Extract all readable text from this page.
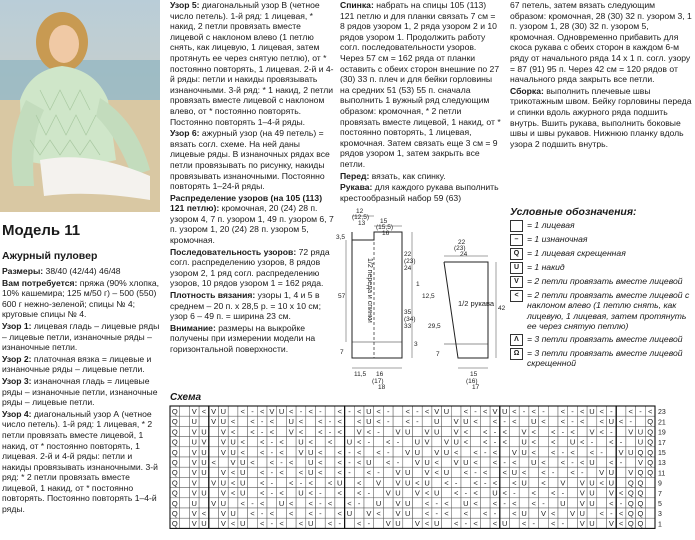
Модель 11
Ажурный пуловер

Размеры: 38/40 (42/44) 46/48

Вам потребуется: пряжа (90% хлопка, 10% кашемира; 125 м/50 г) – 500 (550) 600 г нежно-зеленой; спицы № 4; круговые спицы № 4.

Узор 1: лицевая гладь – лицевые ряды – лицевые петли, изнаночные ряды – изнаночные петли.

Узор 2: платочная вязка = лицевые и изнаночные ряды – лицевые петли.

Узор 3: изнаночная гладь = лицевые ряды – изнаночные петли, изнаночные ряды – лицевые петли.

Узор 4: диагональный узор А (четное число петель). 1-й ряд: 1 лицевая, * 2 петли провязать вместе лицевой, 1 накид, от * постоянно повторять, 1 лицевая. 2-й и 4-й ряды: петли и накиды провязывать изнаночными. 3-й ряд: * 2 петли провязать вместе лицевой, 1 накид, от * постоянно повторять. Постоянно повторять 1–4-й ряды.

Узор 5: диагональный узор В (четное число петель). 1-й ряд: 1 лицевая, * накид, 2 петли провязать вместе лицевой с наклоном влево (1 петлю снять, как лицевую, 1 лицевая, затем протянуть ее через снятую петлю), от * постоянно повторять, 1 лицевая. 2-й и 4-й ряды: петли и накиды провязывать изнаночными. 3-й ряд: * 1 накид, 2 петли провязать вместе лицевой с наклоном влево, от * постоянно повторять. Постоянно повторять 1–4-й ряды.

Узор 6: ажурный узор (на 49 петель) = вязать согл. схеме. На ней даны лицевые ряды. В изнаночных рядах все петли провязывать по рисунку, накиды провязывать изнаночными. Постоянно повторять 1–24-й ряды.

Распределение узоров (на 105 (113) 121 петлю): кромочная, 20 (24) 28 п. узором 4, 7 п. узором 1, 49 п. узором 6, 7 п. узором 1, 20 (24) 28 п. узором 5, кромочная.

Последовательность узоров: 72 ряда согл. распределению узоров, 8 рядов узором 2, 1 ряд согл. распределению узоров, 10 рядов узором 1 = 162 ряда.

Плотность вязания: узоры 1, 4 и 5 в среднем – 20 п. x 28,5 р. = 10 x 10 см; узор 6 – 49 п. = ширина 23 см.

Внимание: размеры на выкройке получены при измерении модели на горизонтальной поверхности.

Спинка: набрать на спицы 105 (113) 121 петлю и для планки связать 7 см = 8 рядов узором 1, 2 ряда узором 2 и 10 рядов узором 1. Продолжить работу согл. последовательности узоров. Через 57 см = 162 ряда от планки оставить с обеих сторон внешние по 27 (30) 33 п. плеч и для бейки горловины на средних 51 (53) 55 п. сначала выполнить 1 вужный ряд следующим образом: кромочная, * 2 петли провязать вместе лицевой, 1 накид, от * постоянно повторять, 1 лицевая, кромочная. Затем связать еще 3 см = 9 рядов узором 1, затем закрыть все петли.

Перед: вязать, как спинку.

Рукава: для каждого рукава выполнить крестообразный набор 59 (63)

67 петель, затем вязать следующим образом: кромочная, 28 (30) 32 п. узором 3, 1 п. узором 1, 28 (30) 32 п. узором 5, кромочная. Одновременно прибавить для скоса рукава с обеих сторон в каждом 6-м ряду от начального ряда 14 х 1 п. согл. узору = 87 (91) 95 п. Через 42 см = 120 рядов от начального ряда закрыть все петли.

Сборка: выполнить плечевые швы трикотажным швом. Бейку горловины переда и спинки вдоль ажурного ряда подшить внутрь. Вшить рукава, выполнить боковые швы и швы рукавов. Нижнюю планку вдоль узора 2 подшить внутрь.

Условные обозначения:
= 1 лицевая
– = 1 изнаночная
Q = 1 лицевая скрещенная
U = 1 накид
V = 2 петли провязать вместе лицевой
< = 2 петли провязать вместе лицевой с наклоном влево (1 петлю снять, как лицевую, 1 лицевая, затем протянуть ее через снятую петлю)
Λ = 3 петли провязать вместе лицевой
Ω = 3 петли провязать вместе лицевой скрещенной
12
(12,5)
13 15
(15,5)
16
3,5
57
22
(23)
24
1
12,5
35
(34)
33
3
7
11,5 16
(17)
18
22
(23)
24
42
29,5
15
(16)
17
7
1/2 рукава
1/2 переда и спинки
Схема
Q V < V U < - < V U < - < - < - < U < - < - < V U < - < V U < - < - < - < U < - < - <
Q U V U < < - < U < < - < < U < - < - U V U < < - < U < < - < < U < - Q
Q V U V < < - < V < < - < V < - V U V U V < < - < V < < - < V < - V U Q
Q U V V U < < - < U < < U < - < - U V V U < < - < U < < U < - < - U Q
Q V U V U < < - < V U < < - < < - V U V U < < - < V U < < - < < - V U Q Q
Q V U < V U < < - < U < < - < U < - V U < V U < < - < U < < - < U < - V Q
Q V U V < U < - < < U < < - < - V U V < U < - < < U < < - < - V U V Q Q
Q V V U < U < - < - < < U < V V U < U < - < - < < U < V V U < U Q Q
Q V U V < U < - < U < - < < - V U V < U < - < U < - < < - V U V < Q Q
Q U V U < - < U < < - < < - U V U < - < U < < - < < - U V U < - Q Q
Q V < V U < - < < < - < U V < V U < - < < < - < U V < V U < - < Q Q
Q V U V < U < - < < U < - < - V U V < U < - < < U < - < - V U V < Q Q
23
21
19
17
15
13
11
9
7
5
3
1
